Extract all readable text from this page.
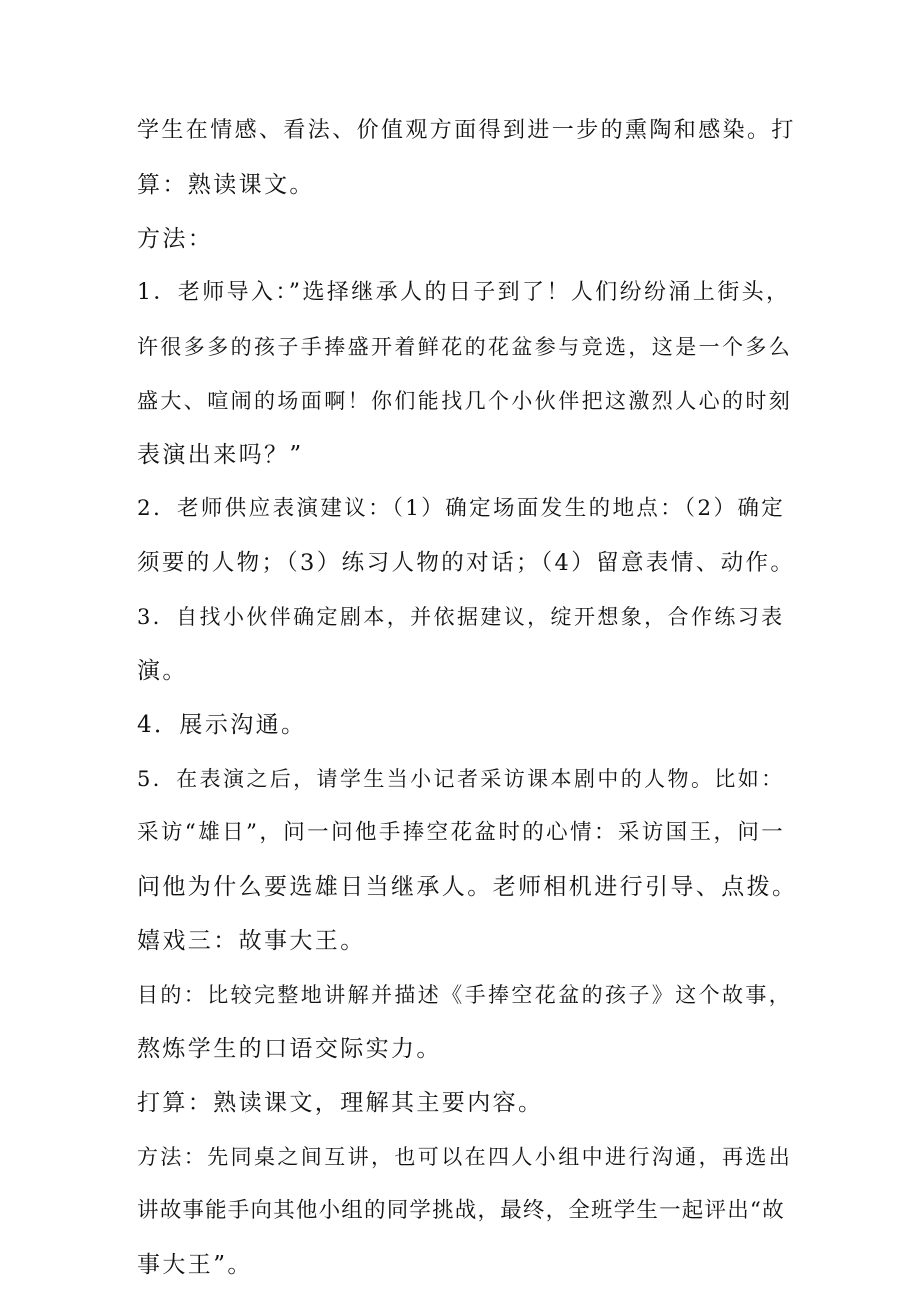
学生在情感、看法、价值观方面得到进一步的熏陶和感染。打
算：熟读课文。
方法：
1．老师导入：”选择继承人的日子到了！人们纷纷涌上街头，
许很多多的孩子手捧盛开着鲜花的花盆参与竞选，这是一个多么
盛大、喧闹的场面啊！你们能找几个小伙伴把这激烈人心的时刻
表演出来吗？”
2．老师供应表演建议：（1）确定场面发生的地点：（2）确定
须要的人物；（3）练习人物的对话；（4）留意表情、动作。
3．自找小伙伴确定剧本，并依据建议，绽开想象，合作练习表
演。
4．展示沟通。
5．在表演之后，请学生当小记者采访课本剧中的人物。比如：
采访“雄日”，问一问他手捧空花盆时的心情：采访国王，问一
问他为什么要选雄日当继承人。老师相机进行引导、点拨。
嬉戏三：故事大王。
目的：比较完整地讲解并描述《手捧空花盆的孩子》这个故事，
熬炼学生的口语交际实力。
打算：熟读课文，理解其主要内容。
方法：先同桌之间互讲，也可以在四人小组中进行沟通，再选出
讲故事能手向其他小组的同学挑战，最终，全班学生一起评出“故
事大王”。
